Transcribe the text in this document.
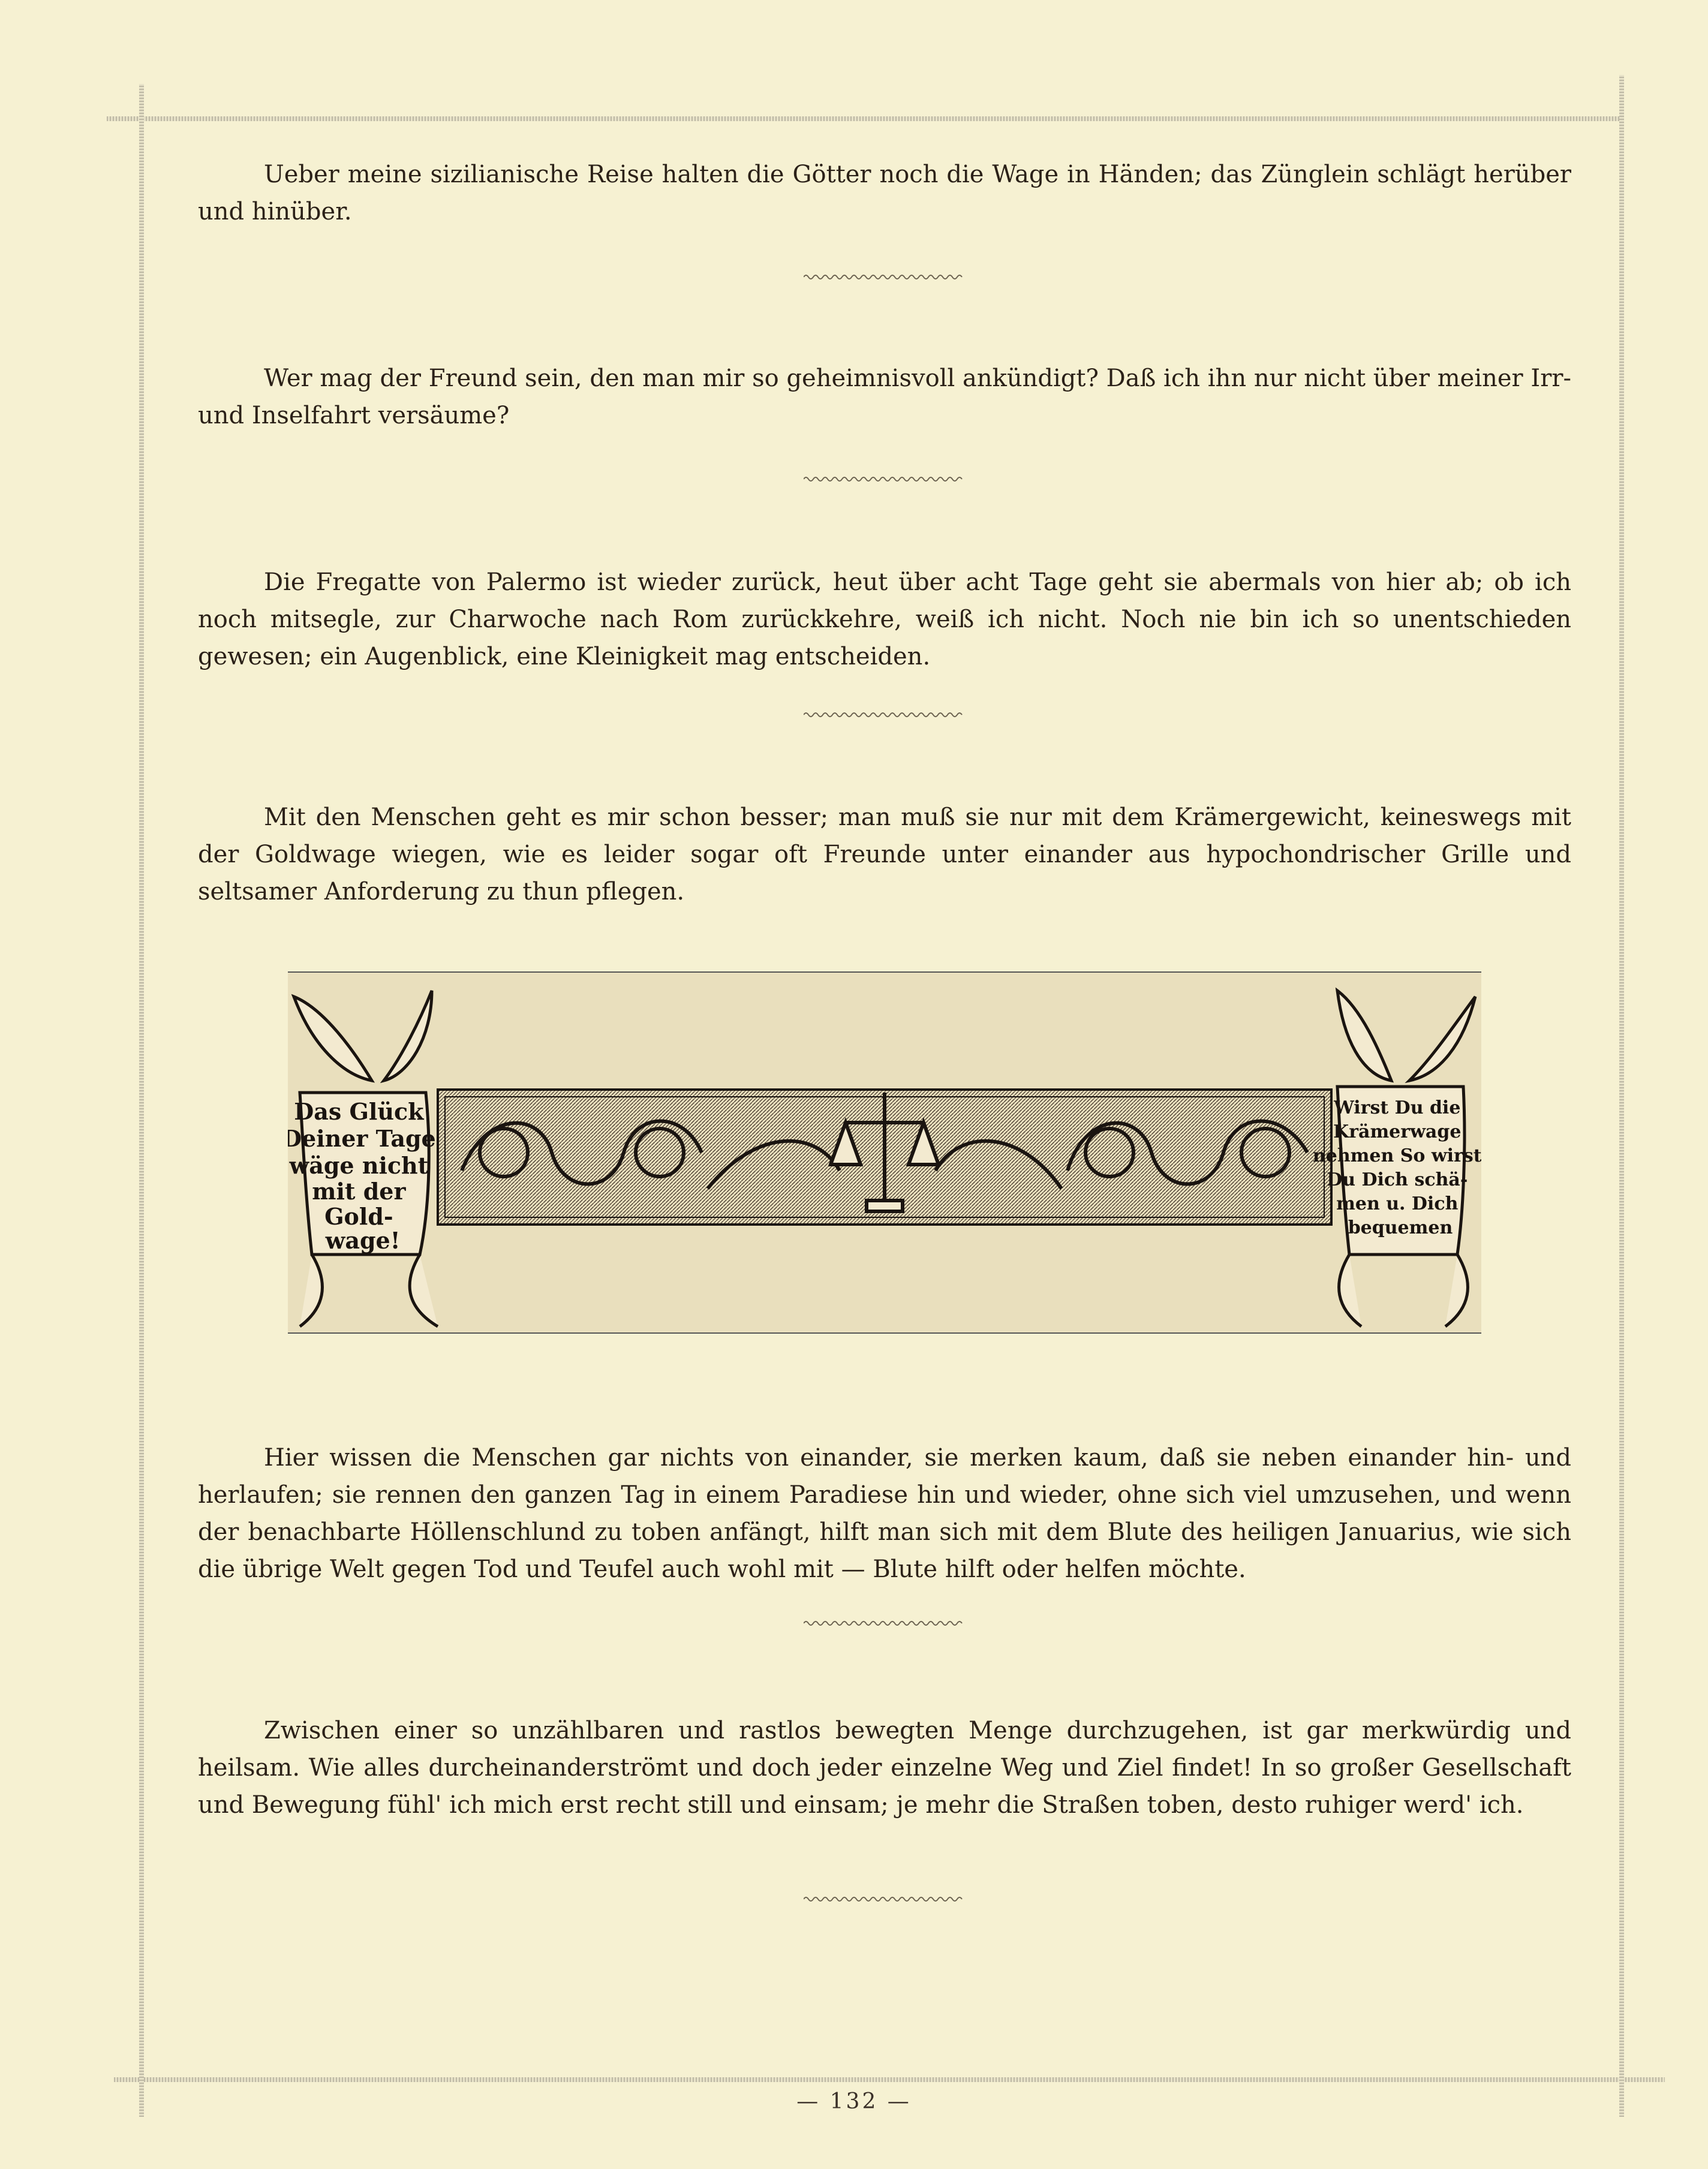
Ueber meine sizilianische Reise halten die Götter noch die Wage in Händen; das Zünglein schlägt herüber und hinüber.

Wer mag der Freund sein, den man mir so geheimnisvoll ankündigt? Daß ich ihn nur nicht über meiner Irr- und Inselfahrt versäume?

Die Fregatte von Palermo ist wieder zurück, heut über acht Tage geht sie abermals von hier ab; ob ich noch mitsegle, zur Charwoche nach Rom zurückkehre, weiß ich nicht. Noch nie bin ich so unentschieden gewesen; ein Augenblick, eine Kleinigkeit mag entscheiden.

Mit den Menschen geht es mir schon besser; man muß sie nur mit dem Krämergewicht, keineswegs mit der Goldwage wiegen, wie es leider sogar oft Freunde unter einander aus hypochondrischer Grille und seltsamer Anforderung zu thun pflegen.

Das Glück Deiner Tage wäge nicht mit der Gold- wage!
Wirst Du die Krämerwage nehmen So wirst Du Dich schä- men u. Dich bequemen

Hier wissen die Menschen gar nichts von einander, sie merken kaum, daß sie neben einander hin- und herlaufen; sie rennen den ganzen Tag in einem Paradiese hin und wieder, ohne sich viel umzusehen, und wenn der benachbarte Höllenschlund zu toben anfängt, hilft man sich mit dem Blute des heiligen Januarius, wie sich die übrige Welt gegen Tod und Teufel auch wohl mit — Blute hilft oder helfen möchte.

Zwischen einer so unzählbaren und rastlos bewegten Menge durchzugehen, ist gar merkwürdig und heilsam. Wie alles durcheinanderströmt und doch jeder einzelne Weg und Ziel findet! In so großer Gesellschaft und Bewegung fühl' ich mich erst recht still und einsam; je mehr die Straßen toben, desto ruhiger werd' ich.

— 132 —
